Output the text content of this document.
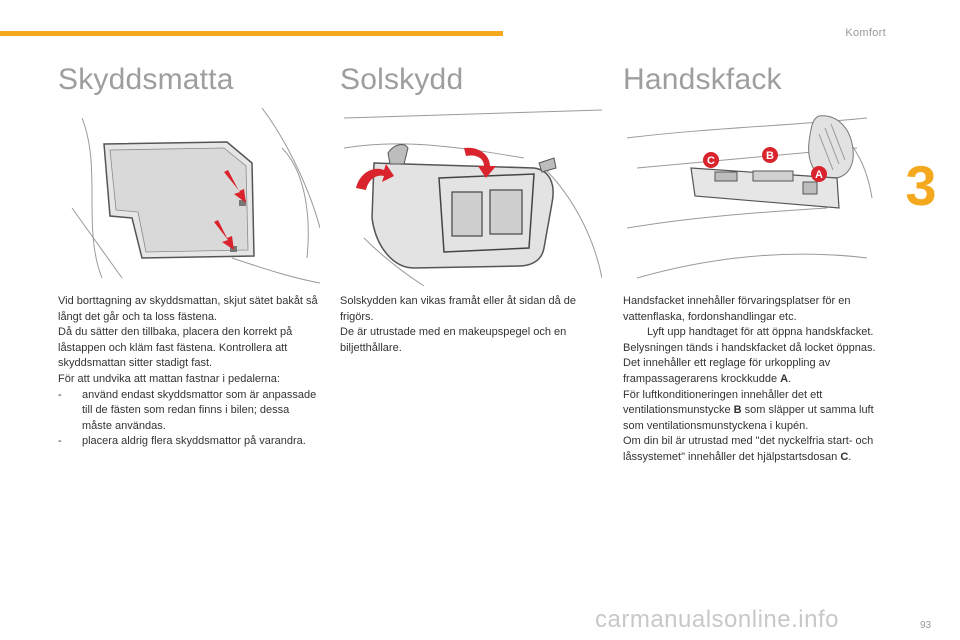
Komfort
3
Skyddsmatta

Vid borttagning av skyddsmattan, skjut sätet bakåt så långt det går och ta loss fästena.

Då du sätter den tillbaka, placera den korrekt på låstappen och kläm fast fästena. Kontrollera att skyddsmattan sitter stadigt fast.

För att undvika att mattan fastnar i pedalerna:

- använd endast skyddsmattor som är anpassade till de fästen som redan finns i bilen; dessa måste användas.
- placera aldrig flera skyddsmattor på varandra.
Solskydd

Solskydden kan vikas framåt eller åt sidan då de frigörs.

De är utrustade med en makeupspegel och en biljetthållare.

Handskfack
C	B
A

Handsfacket innehåller förvaringsplatser för en vattenflaska, fordonshandlingar etc.

Lyft upp handtaget för att öppna handskfacket.

Belysningen tänds i handskfacket då locket öppnas.

Det innehåller ett reglage för urkoppling av frampassagerarens krockkudde A.

För luftkonditioneringen innehåller det ett ventilationsmunstycke B som släpper ut samma luft som ventilationsmunstyckena i kupén.

Om din bil är utrustad med "det nyckelfria start- och låssystemet" innehåller det hjälpstartsdosan C.

carmanualsonline.info	93
